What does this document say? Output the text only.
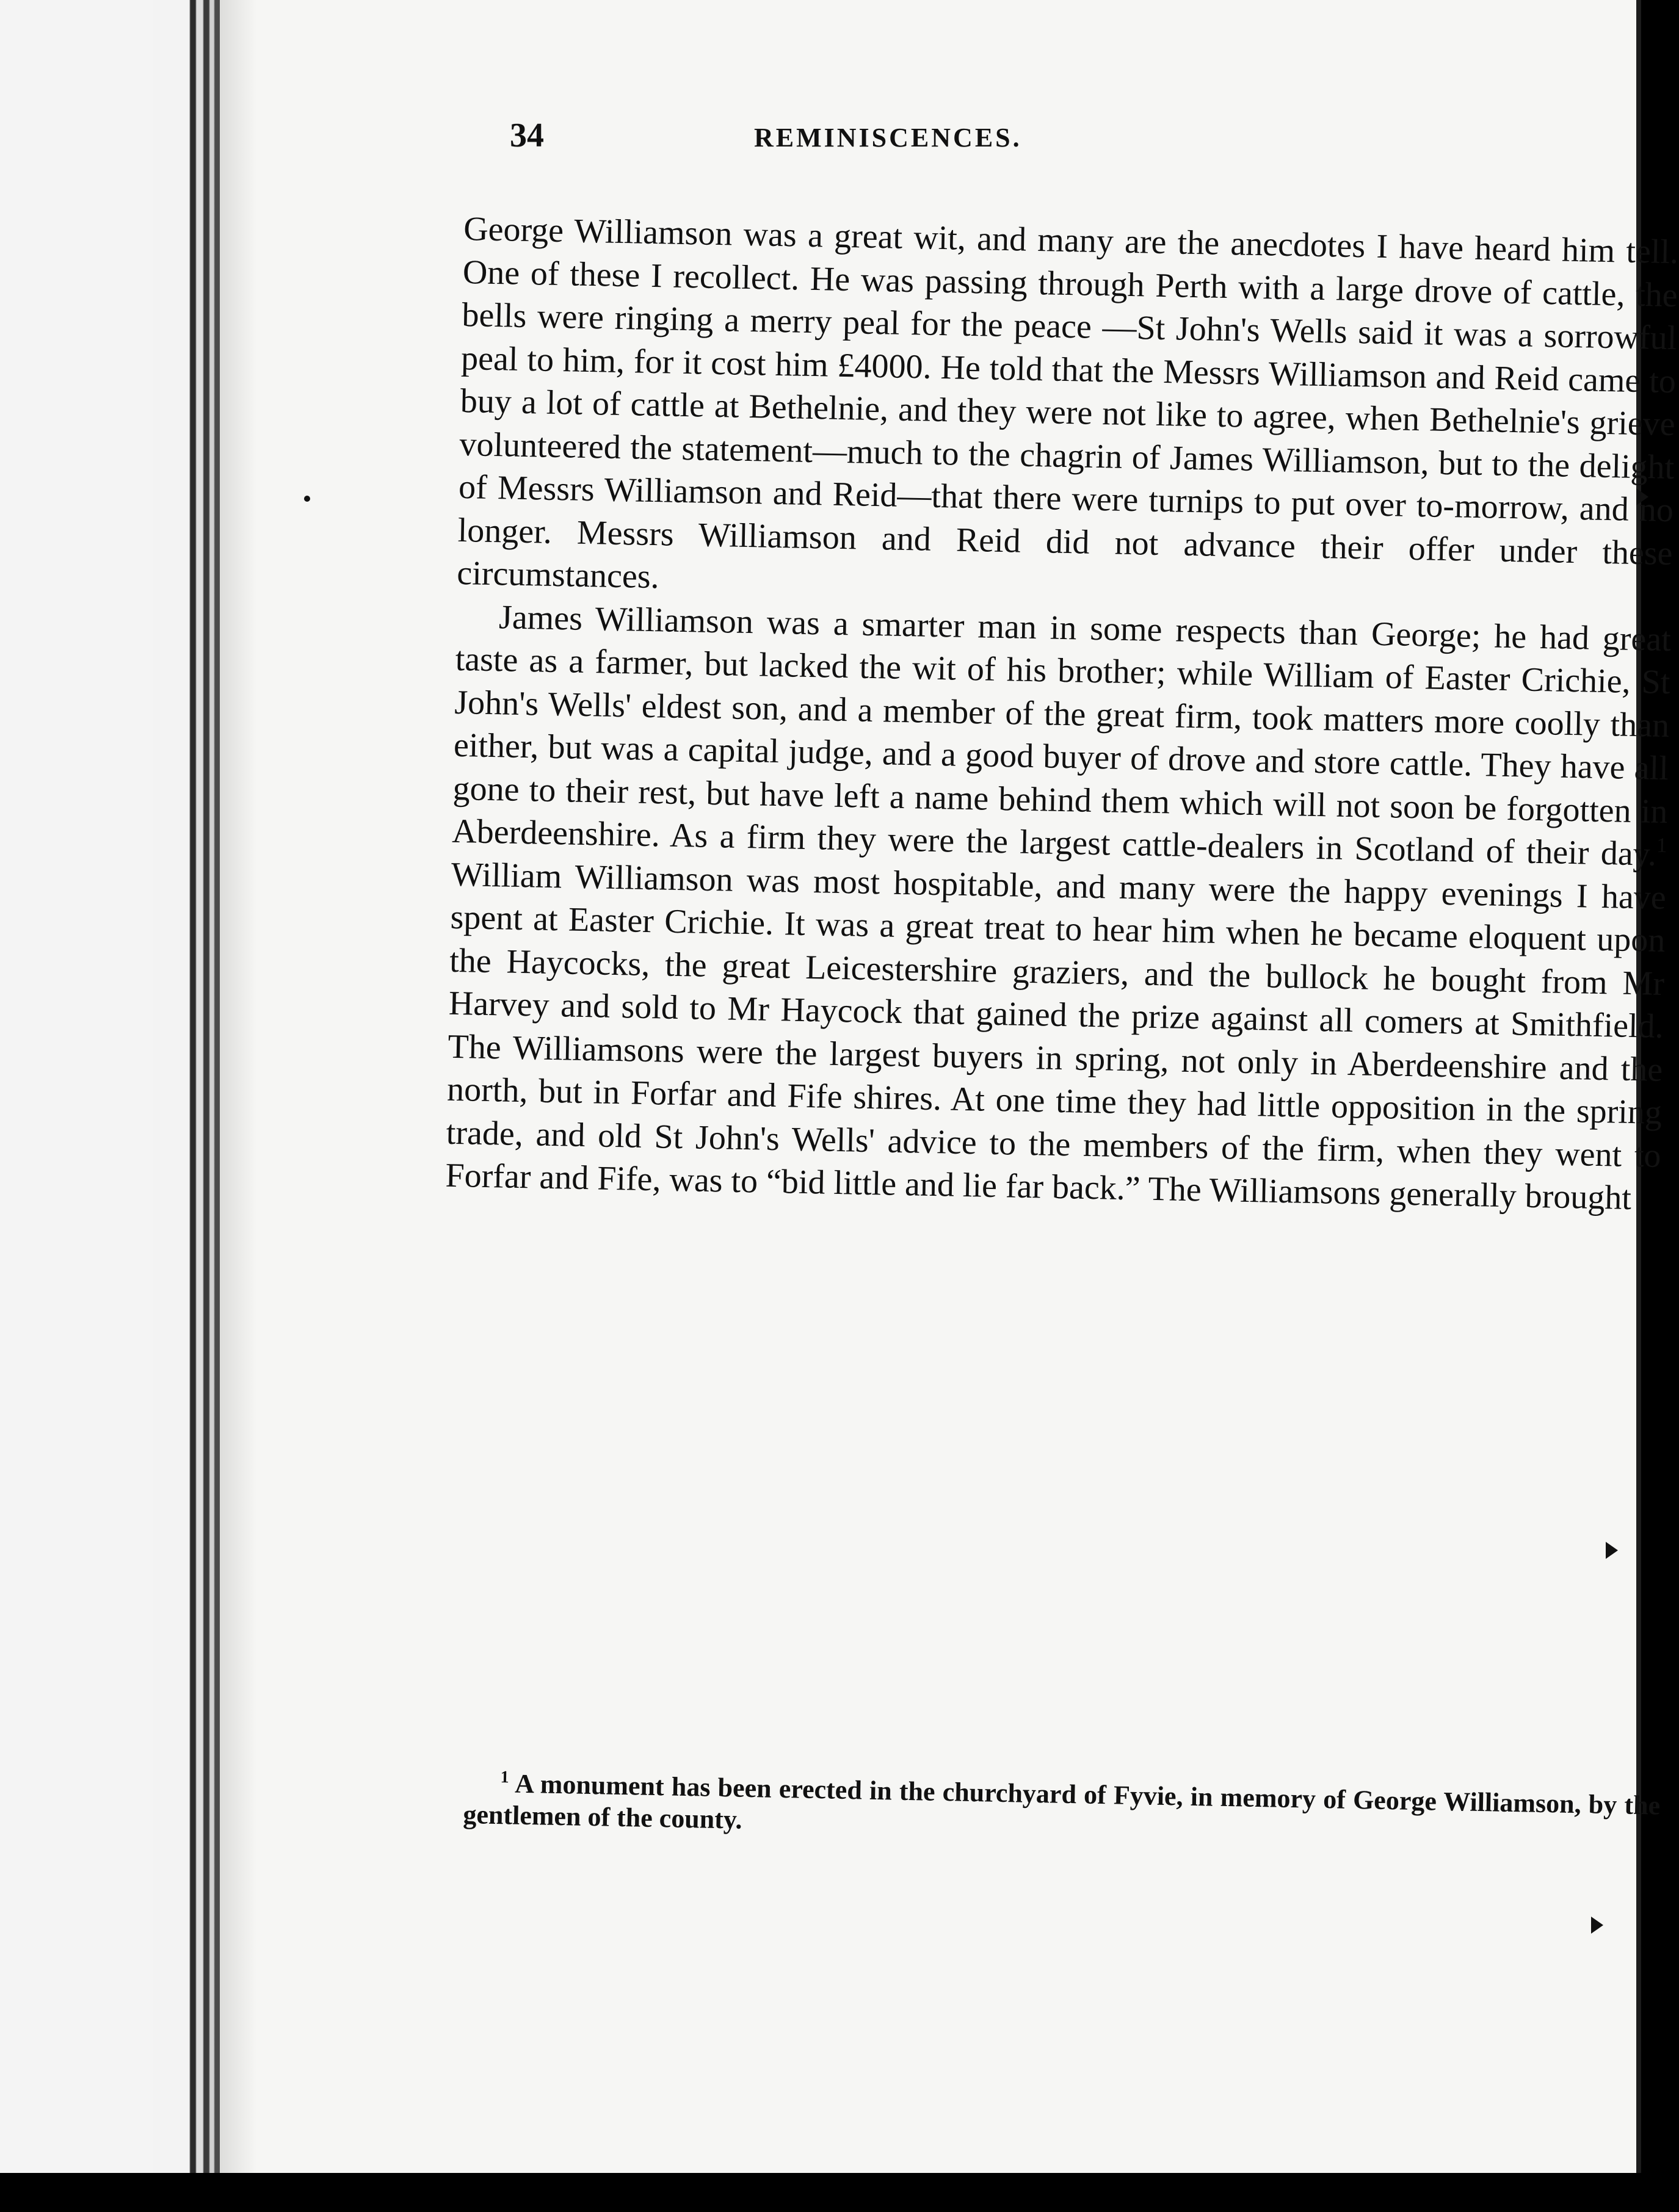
34	REMINISCENCES.

George Williamson was a great wit, and many are the anecdotes I have heard him tell. One of these I recollect. He was passing through Perth with a large drove of cattle, the bells were ringing a merry peal for the peace —St John's Wells said it was a sorrowful peal to him, for it cost him £4000. He told that the Messrs Williamson and Reid came to buy a lot of cattle at Bethelnie, and they were not like to agree, when Bethelnie's grieve volunteered the statement—much to the chagrin of James Williamson, but to the delight of Messrs Williamson and Reid—that there were turnips to put over to-morrow, and no longer. Messrs Williamson and Reid did not advance their offer under these circumstances.

James Williamson was a smarter man in some respects than George; he had great taste as a farmer, but lacked the wit of his brother; while William of Easter Crichie, St John's Wells' eldest son, and a member of the great firm, took matters more coolly than either, but was a capital judge, and a good buyer of drove and store cattle. They have all gone to their rest, but have left a name behind them which will not soon be forgotten in Aberdeenshire. As a firm they were the largest cattle-dealers in Scotland of their day.$^1$ William Williamson was most hospitable, and many were the happy evenings I have spent at Easter Crichie. It was a great treat to hear him when he became eloquent upon the Haycocks, the great Leicestershire graziers, and the bullock he bought from Mr Harvey and sold to Mr Haycock that gained the prize against all comers at Smithfield. The Williamsons were the largest buyers in spring, not only in Aberdeenshire and the north, but in Forfar and Fife shires. At one time they had little opposition in the spring trade, and old St John's Wells' advice to the members of the firm, when they went to Forfar and Fife, was to “bid little and lie far back.” The Williamsons generally brought

$^1$ A monument has been erected in the churchyard of Fyvie, in memory of George Williamson, by the gentlemen of the county.
